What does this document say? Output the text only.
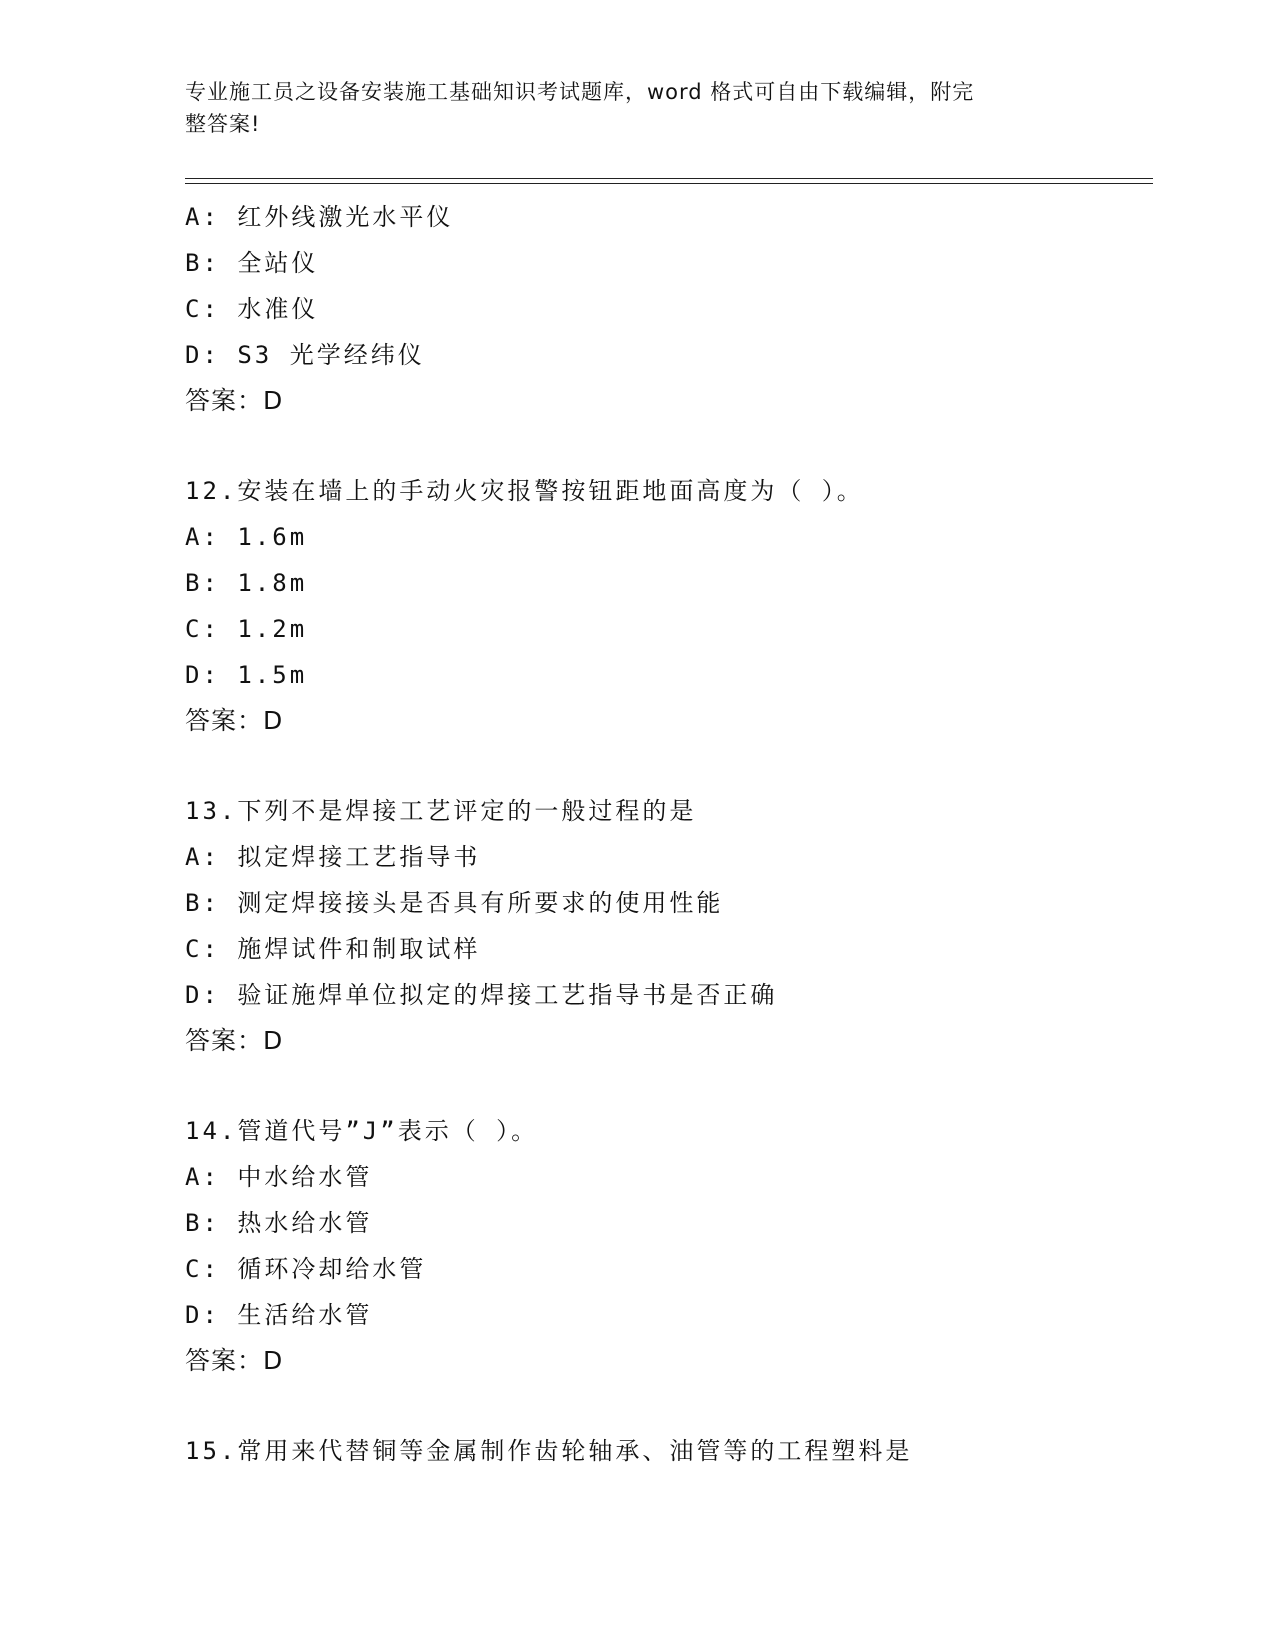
专业施工员之设备安装施工基础知识考试题库，word 格式可自由下载编辑，附完
整答案!
A: 红外线激光水平仪
B: 全站仪
C: 水准仪
D: S3 光学经纬仪
答案：D
12.安装在墙上的手动火灾报警按钮距地面高度为（ ）。
A: 1.6m
B: 1.8m
C: 1.2m
D: 1.5m
答案：D
13.下列不是焊接工艺评定的一般过程的是
A: 拟定焊接工艺指导书
B: 测定焊接接头是否具有所要求的使用性能
C: 施焊试件和制取试样
D: 验证施焊单位拟定的焊接工艺指导书是否正确
答案：D
14.管道代号”J”表示（ ）。
A: 中水给水管
B: 热水给水管
C: 循环冷却给水管
D: 生活给水管
答案：D
15.常用来代替铜等金属制作齿轮轴承、油管等的工程塑料是
